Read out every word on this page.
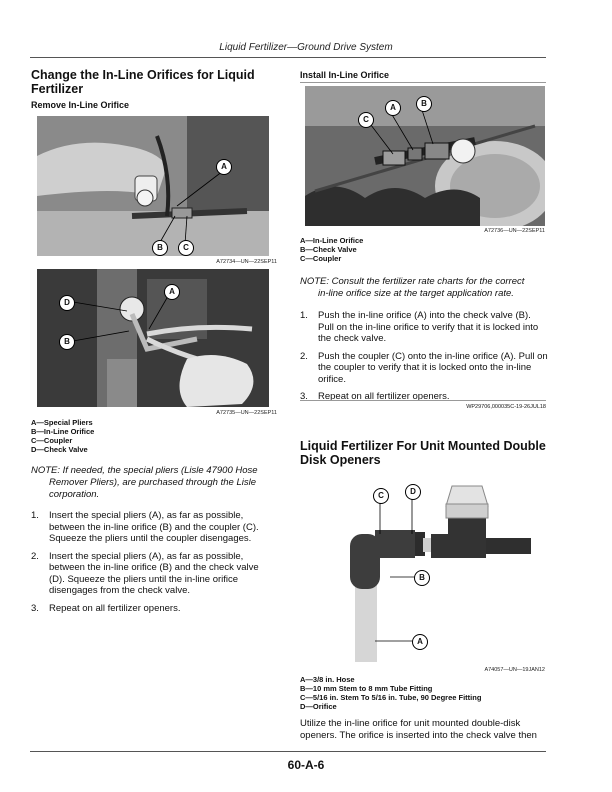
Liquid Fertilizer—Ground Drive System
Change the In-Line Orifices for Liquid Fertilizer
Remove In-Line Orifice
A
B	C
A72734—UN—22SEP11
A
D
B
A72735—UN—22SEP11
A—Special Pliers
B—In-Line Orifice
C—Coupler
D—Check Valve
NOTE: If needed, the special pliers (Lisle 47900 Hose
Remover Pliers), are purchased through the Lisle
corporation.
1. Insert the special pliers (A), as far as possible, between the in-line orifice (B) and the coupler (C). Squeeze the pliers until the coupler disengages.
2. Insert the special pliers (A), as far as possible, between the in-line orifice (B) and the check valve (D). Squeeze the pliers until the in-line orifice disengages from the check valve.
3. Repeat on all fertilizer openers.
Install In-Line Orifice
A	B
C
A72736—UN—22SEP11
A—In-Line Orifice
B—Check Valve
C—Coupler
NOTE: Consult the fertilizer rate charts for the correct
in-line orifice size at the target application rate.
1. Push the in-line orifice (A) into the check valve (B). Pull on the in-line orifice to verify that it is locked into the check valve.
2. Push the coupler (C) onto the in-line orifice (A). Pull on the coupler to verify that it is locked onto the in-line orifice.
3. Repeat on all fertilizer openers.
WP29706,000035C-19-26JUL18
Liquid Fertilizer For Unit Mounted Double Disk Openers
C	D
B
A
A74057—UN—19JAN12
A—3/8 in. Hose
B—10 mm Stem to 8 mm Tube Fitting
C—5/16 in. Stem To 5/16 in. Tube, 90 Degree Fitting
D—Orifice
Utilize the in-line orifice for unit mounted double-disk openers. The orifice is inserted into the check valve then
60-A-6
